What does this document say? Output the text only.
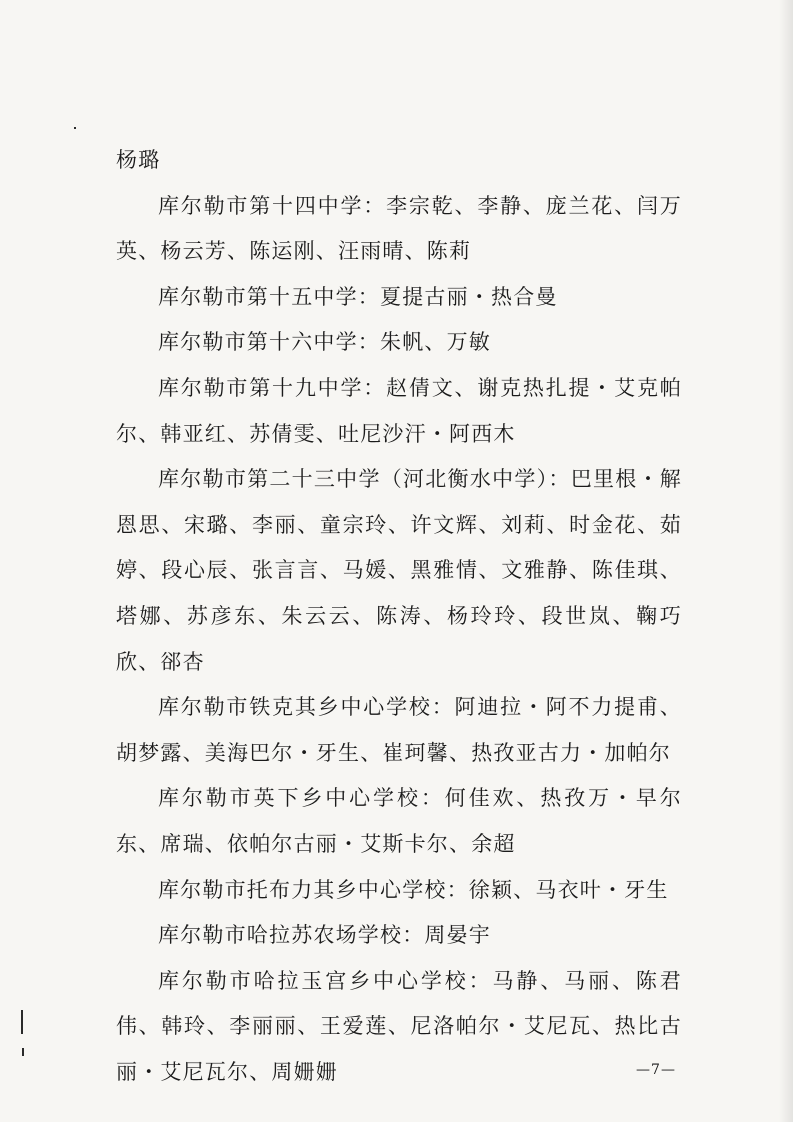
杨璐

库尔勒市第十四中学：李宗乾、李静、庞兰花、闫万英、杨云芳、陈运刚、汪雨晴、陈莉

库尔勒市第十五中学：夏提古丽・热合曼

库尔勒市第十六中学：朱帆、万敏

库尔勒市第十九中学：赵倩文、谢克热扎提・艾克帕尔、韩亚红、苏倩雯、吐尼沙汗・阿西木

库尔勒市第二十三中学（河北衡水中学）：巴里根・解恩思、宋璐、李丽、童宗玲、许文辉、刘莉、时金花、茹婷、段心辰、张言言、马媛、黑雅情、文雅静、陈佳琪、塔娜、苏彦东、朱云云、陈涛、杨玲玲、段世岚、鞠巧欣、郤杏

库尔勒市铁克其乡中心学校：阿迪拉・阿不力提甫、胡梦露、美海巴尔・牙生、崔珂馨、热孜亚古力・加帕尔

库尔勒市英下乡中心学校：何佳欢、热孜万・早尔东、席瑞、依帕尔古丽・艾斯卡尔、余超

库尔勒市托布力其乡中心学校：徐颖、马衣叶・牙生

库尔勒市哈拉苏农场学校：周晏宇

库尔勒市哈拉玉宫乡中心学校：马静、马丽、陈君伟、韩玲、李丽丽、王爱莲、尼洛帕尔・艾尼瓦、热比古丽・艾尼瓦尔、周姗姗	—7—
